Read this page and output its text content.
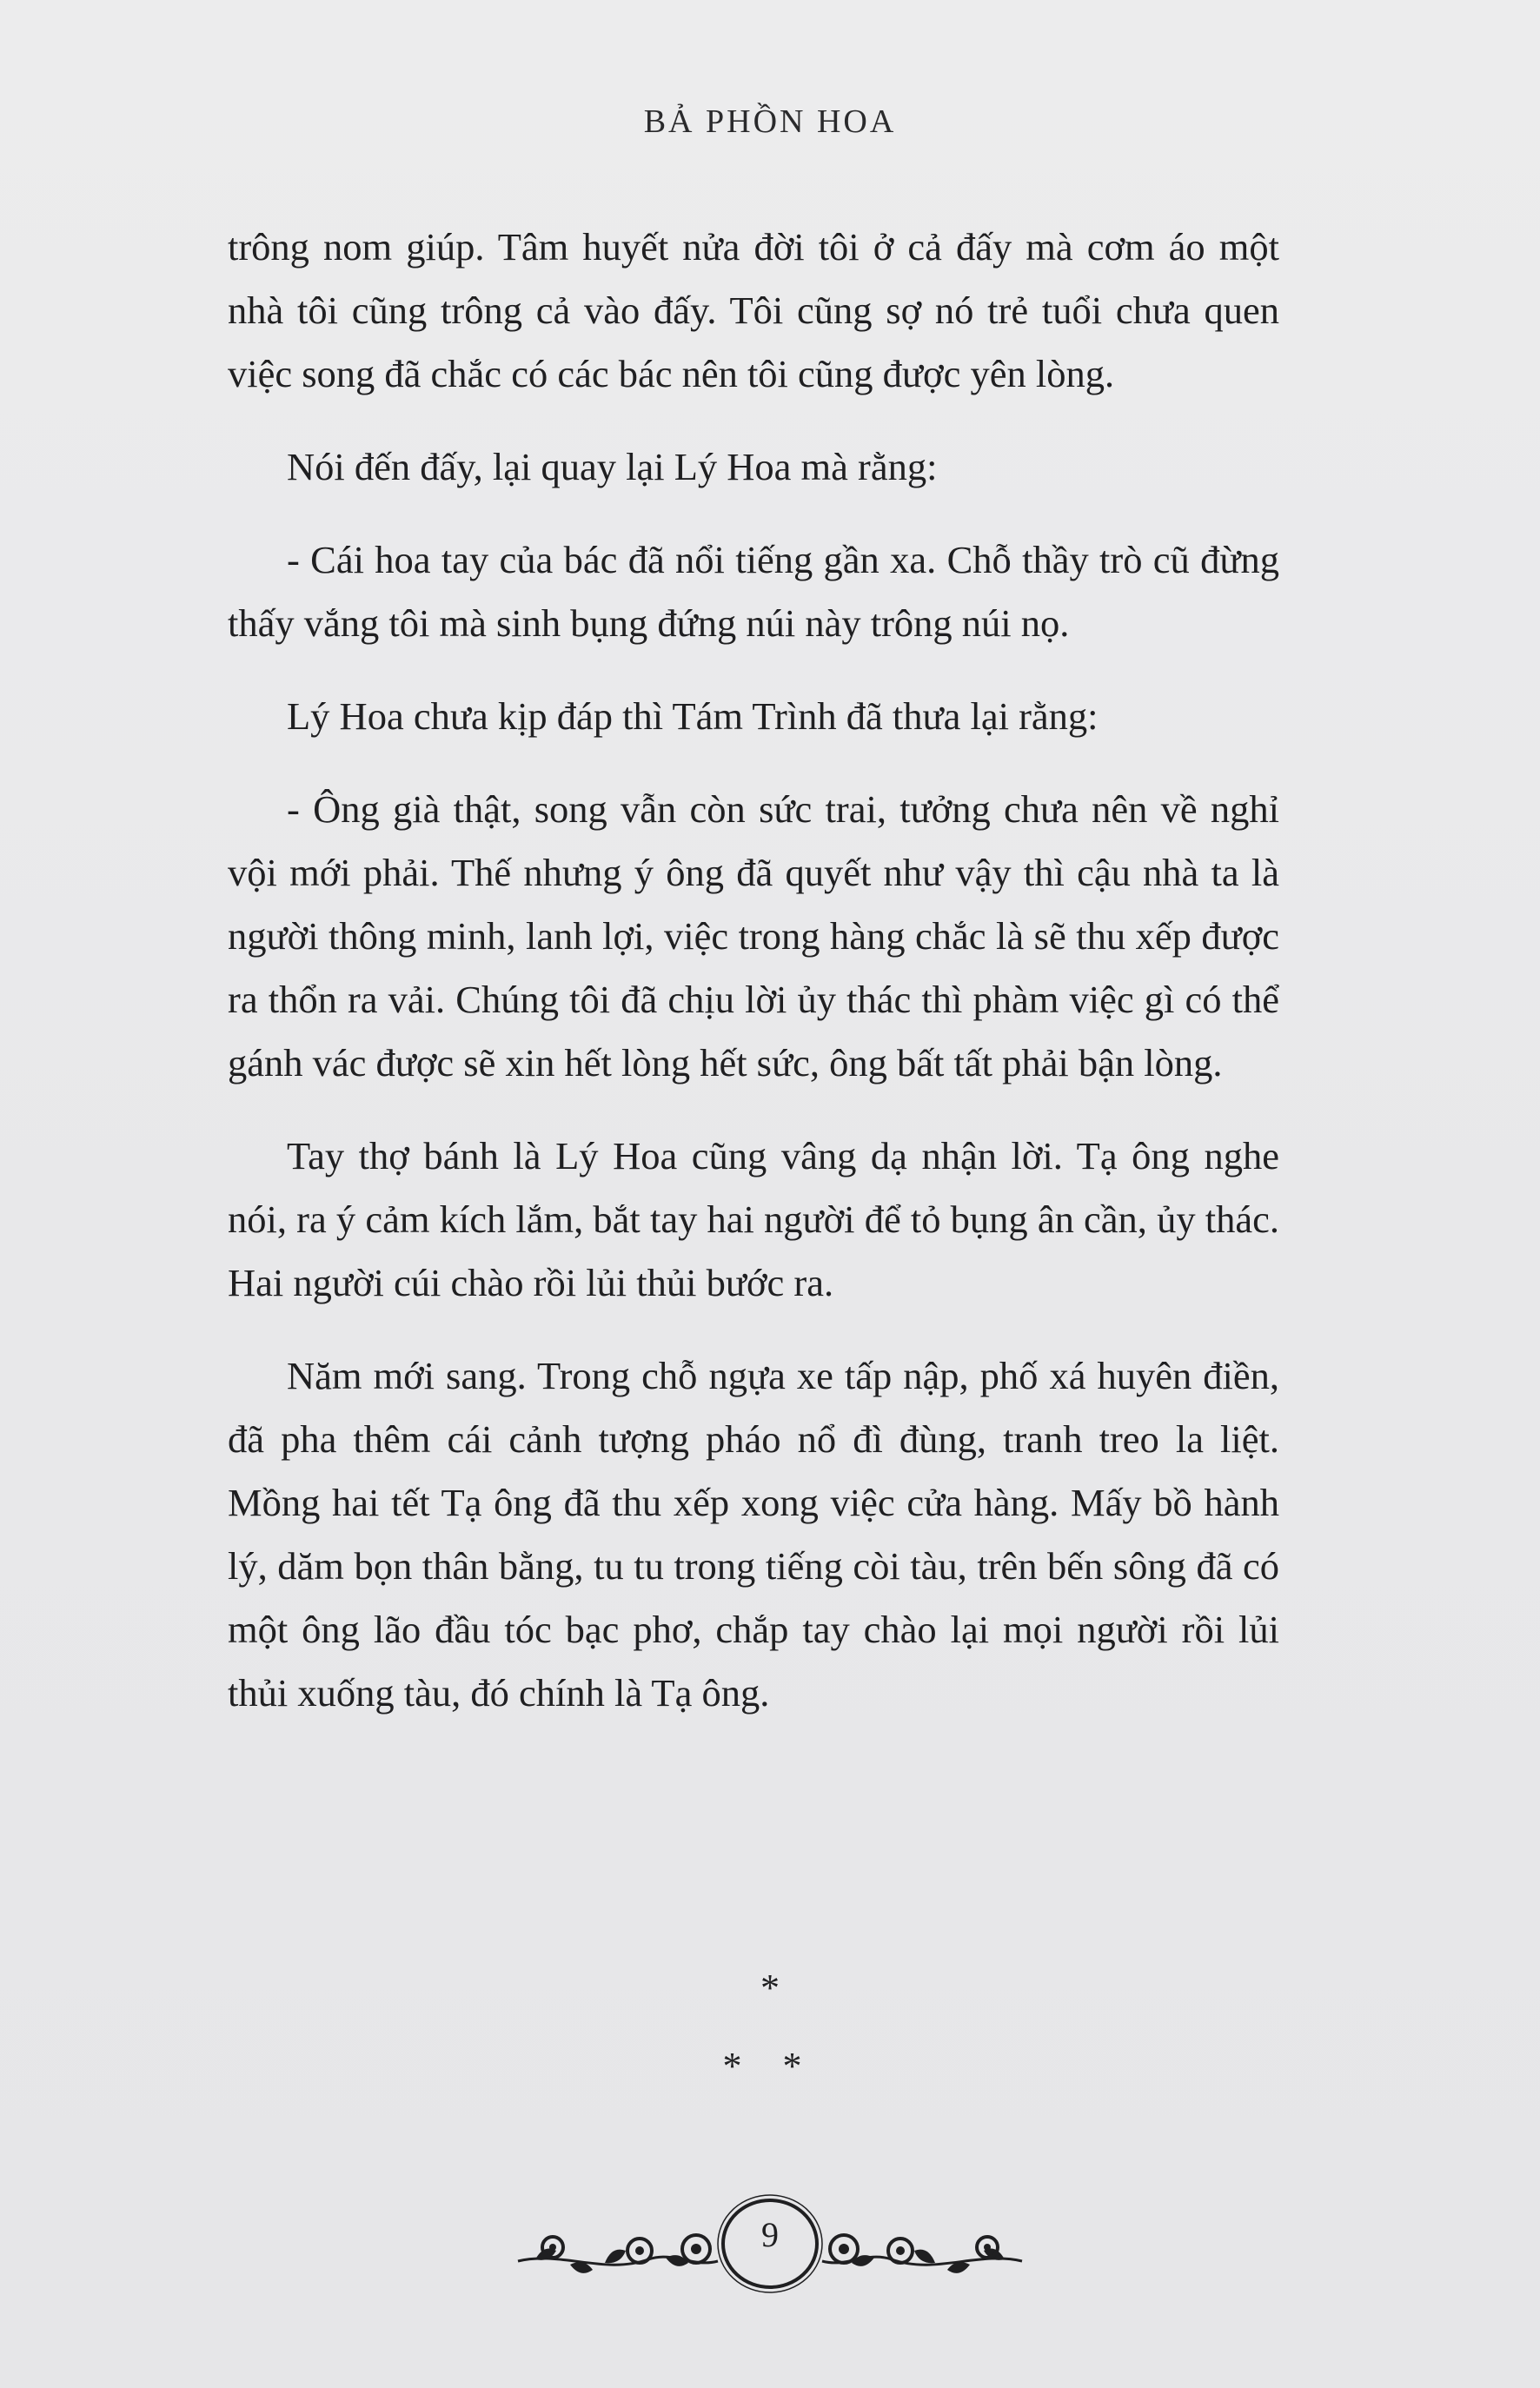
BẢ PHỒN HOA

trông nom giúp. Tâm huyết nửa đời tôi ở cả đấy mà cơm áo một nhà tôi cũng trông cả vào đấy. Tôi cũng sợ nó trẻ tuổi chưa quen việc song đã chắc có các bác nên tôi cũng được yên lòng.

Nói đến đấy, lại quay lại Lý Hoa mà rằng:

- Cái hoa tay của bác đã nổi tiếng gần xa. Chỗ thầy trò cũ đừng thấy vắng tôi mà sinh bụng đứng núi này trông núi nọ.

Lý Hoa chưa kịp đáp thì Tám Trình đã thưa lại rằng:

- Ông già thật, song vẫn còn sức trai, tưởng chưa nên về nghỉ vội mới phải. Thế nhưng ý ông đã quyết như vậy thì cậu nhà ta là người thông minh, lanh lợi, việc trong hàng chắc là sẽ thu xếp được ra thổn ra vải. Chúng tôi đã chịu lời ủy thác thì phàm việc gì có thể gánh vác được sẽ xin hết lòng hết sức, ông bất tất phải bận lòng.

Tay thợ bánh là Lý Hoa cũng vâng dạ nhận lời. Tạ ông nghe nói, ra ý cảm kích lắm, bắt tay hai người để tỏ bụng ân cần, ủy thác. Hai người cúi chào rồi lủi thủi bước ra.

Năm mới sang. Trong chỗ ngựa xe tấp nập, phố xá huyên điền, đã pha thêm cái cảnh tượng pháo nổ đì đùng, tranh treo la liệt. Mồng hai tết Tạ ông đã thu xếp xong việc cửa hàng. Mấy bồ hành lý, dăm bọn thân bằng, tu tu trong tiếng còi tàu, trên bến sông đã có một ông lão đầu tóc bạc phơ, chắp tay chào lại mọi người rồi lủi thủi xuống tàu, đó chính là Tạ ông.

*
* *
9
